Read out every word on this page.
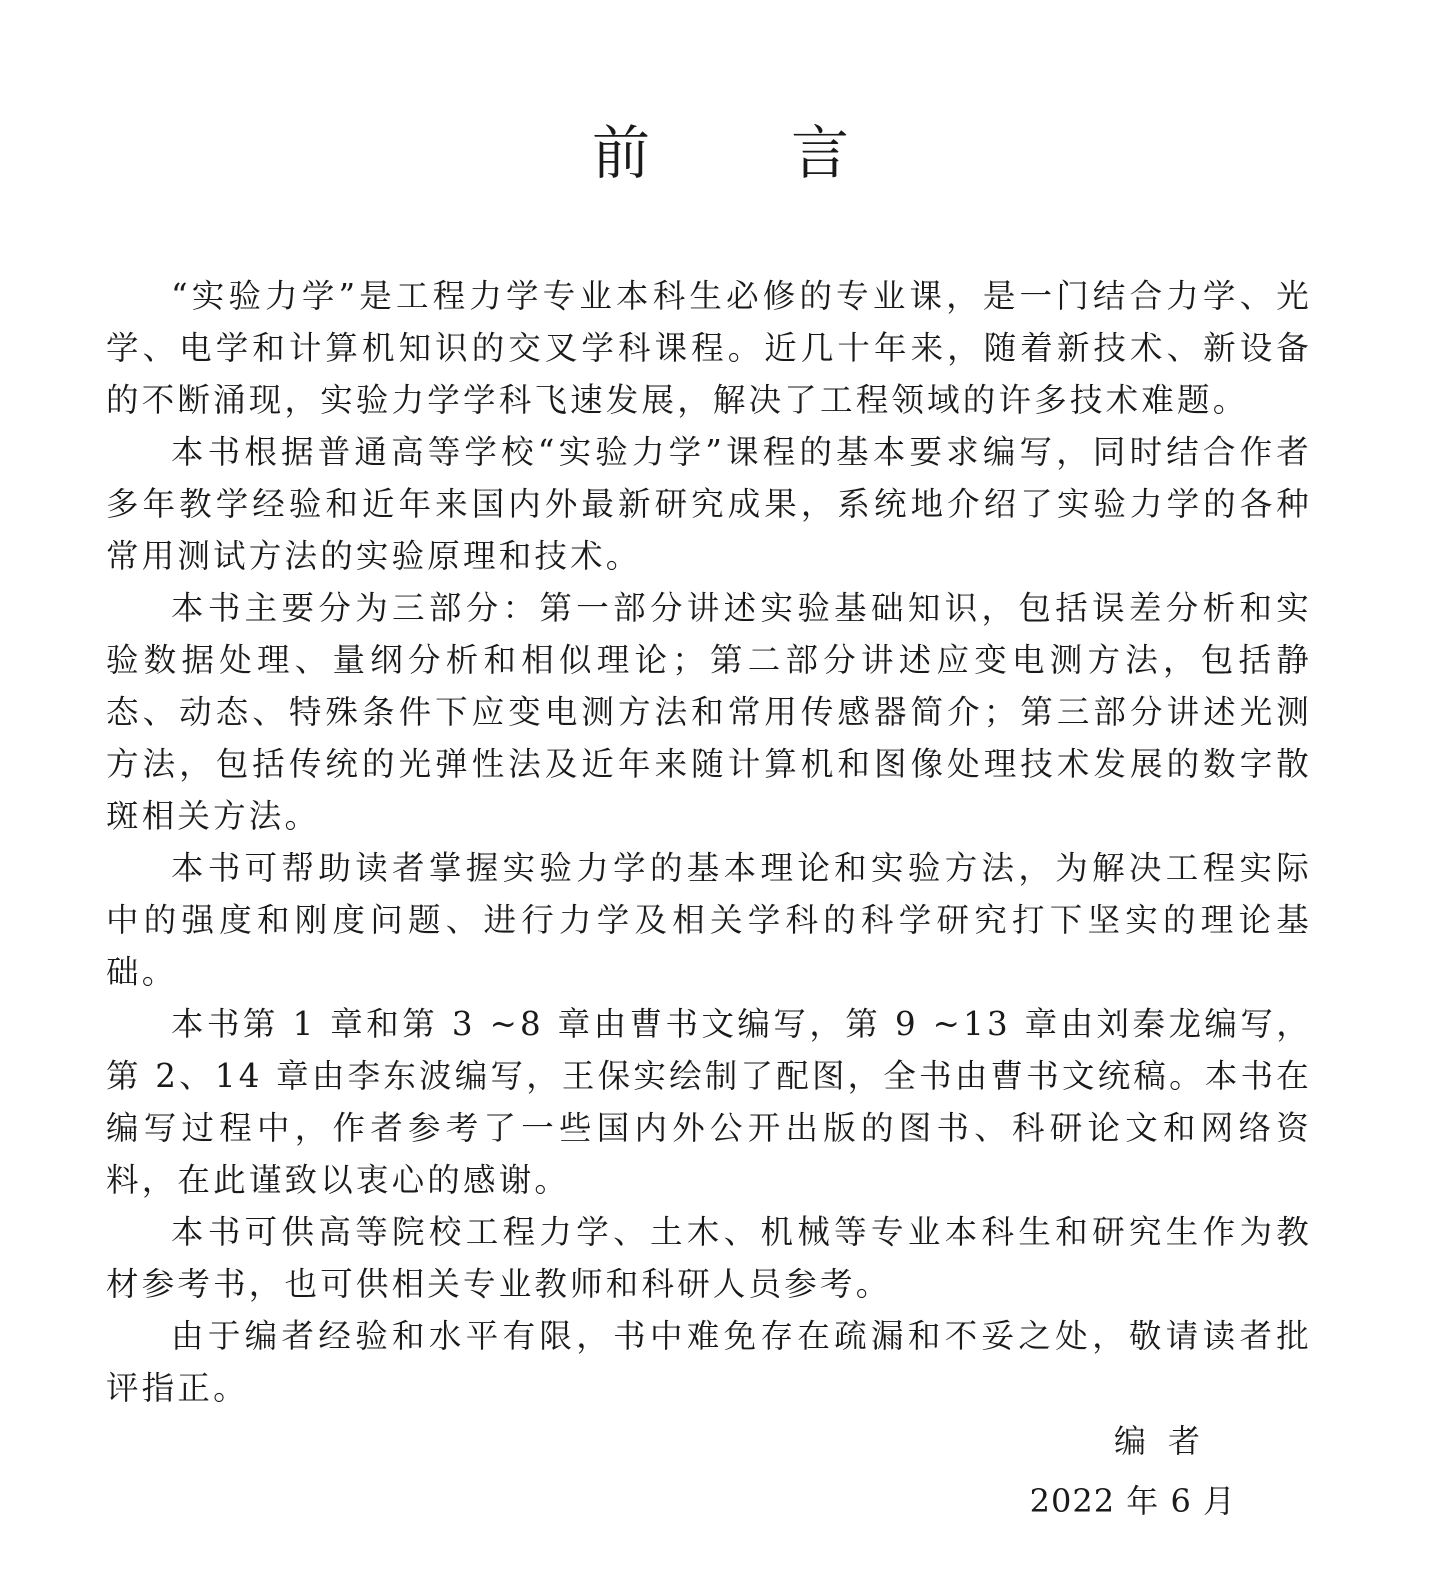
前 言

“实验力学”是工程力学专业本科生必修的专业课，是一门结合力学、光学、电学和计算机知识的交叉学科课程。近几十年来，随着新技术、新设备的不断涌现，实验力学学科飞速发展，解决了工程领域的许多技术难题。

本书根据普通高等学校“实验力学”课程的基本要求编写，同时结合作者多年教学经验和近年来国内外最新研究成果，系统地介绍了实验力学的各种常用测试方法的实验原理和技术。

本书主要分为三部分：第一部分讲述实验基础知识，包括误差分析和实验数据处理、量纲分析和相似理论；第二部分讲述应变电测方法，包括静态、动态、特殊条件下应变电测方法和常用传感器简介；第三部分讲述光测方法，包括传统的光弹性法及近年来随计算机和图像处理技术发展的数字散斑相关方法。

本书可帮助读者掌握实验力学的基本理论和实验方法，为解决工程实际中的强度和刚度问题、进行力学及相关学科的科学研究打下坚实的理论基础。

本书第 1 章和第 3 ~8 章由曹书文编写，第 9 ~13 章由刘秦龙编写，第 2、14 章由李东波编写，王保实绘制了配图，全书由曹书文统稿。本书在编写过程中，作者参考了一些国内外公开出版的图书、科研论文和网络资料，在此谨致以衷心的感谢。

本书可供高等院校工程力学、土木、机械等专业本科生和研究生作为教材参考书，也可供相关专业教师和科研人员参考。

由于编者经验和水平有限，书中难免存在疏漏和不妥之处，敬请读者批评指正。

编者
2022 年 6 月
